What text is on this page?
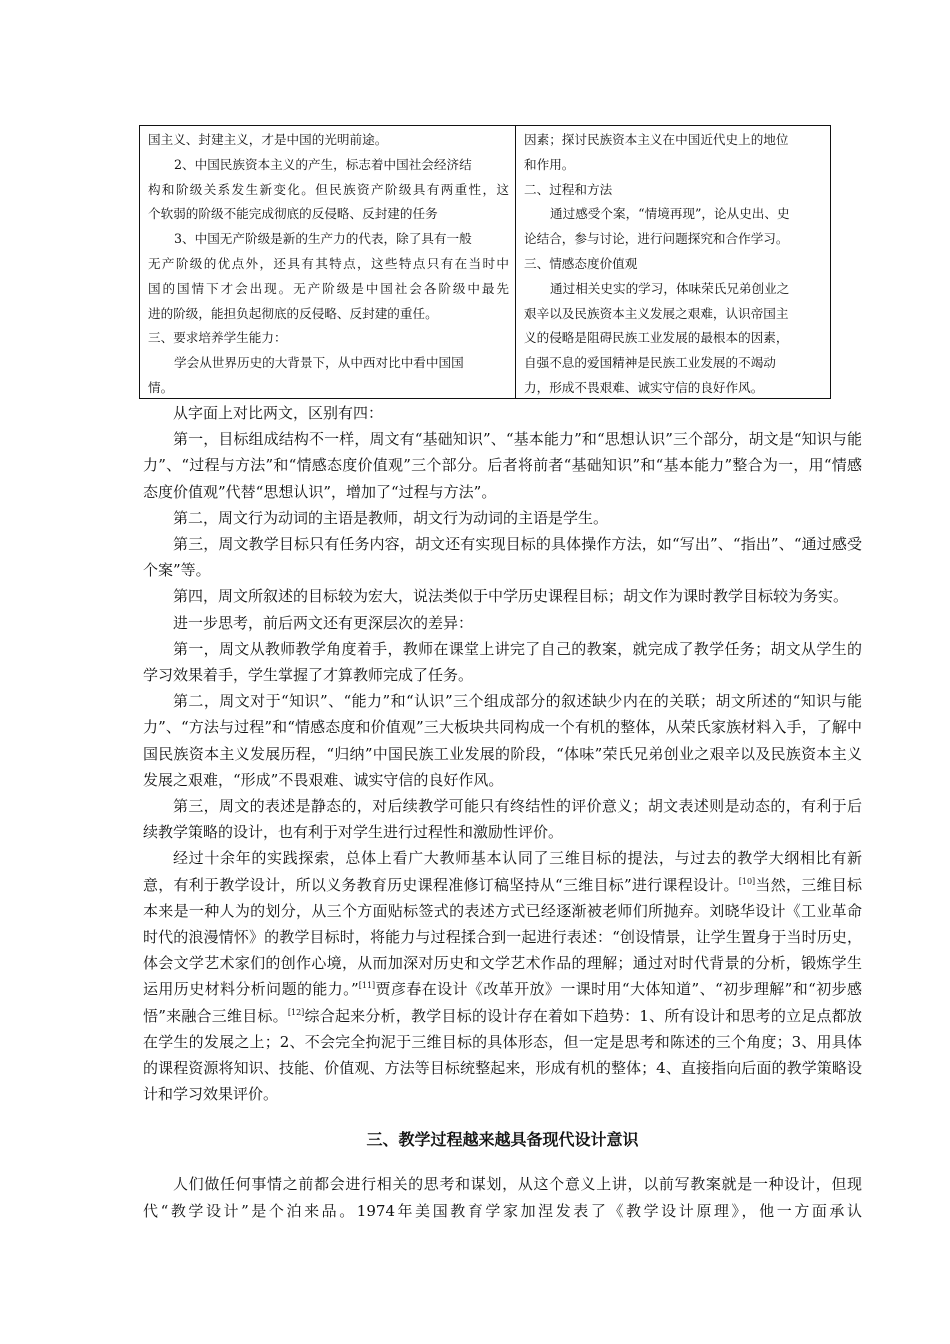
国主义、封建主义，才是中国的光明前途。
2、中国民族资本主义的产生，标志着中国社会经济结
构和阶级关系发生新变化。但民族资产阶级具有两重性，这
个软弱的阶级不能完成彻底的反侵略、反封建的任务
3、中国无产阶级是新的生产力的代表，除了具有一般
无产阶级的优点外，还具有其特点，这些特点只有在当时中
国的国情下才会出现。无产阶级是中国社会各阶级中最先
进的阶级，能担负起彻底的反侵略、反封建的重任。
三、要求培养学生能力：
学会从世界历史的大背景下，从中西对比中看中国国
情。
因素；探讨民族资本主义在中国近代史上的地位
和作用。
二、过程和方法
通过感受个案，“情境再现”，论从史出、史
论结合，参与讨论，进行问题探究和合作学习。
三、情感态度价值观
通过相关史实的学习，体味荣氏兄弟创业之
艰辛以及民族资本主义发展之艰难，认识帝国主
义的侵略是阻碍民族工业发展的最根本的因素，
自强不息的爱国精神是民族工业发展的不竭动
力，形成不畏艰难、诚实守信的良好作风。

从字面上对比两文，区别有四：

第一，目标组成结构不一样，周文有“基础知识”、“基本能力”和“思想认识”三个部分，胡文是“知识与能力”、“过程与方法”和“情感态度价值观”三个部分。后者将前者“基础知识”和“基本能力”整合为一，用“情感态度价值观”代替“思想认识”，增加了“过程与方法”。

第二，周文行为动词的主语是教师，胡文行为动词的主语是学生。

第三，周文教学目标只有任务内容，胡文还有实现目标的具体操作方法，如“写出”、“指出”、“通过感受个案”等。

第四，周文所叙述的目标较为宏大，说法类似于中学历史课程目标；胡文作为课时教学目标较为务实。

进一步思考，前后两文还有更深层次的差异：

第一，周文从教师教学角度着手，教师在课堂上讲完了自己的教案，就完成了教学任务；胡文从学生的学习效果着手，学生掌握了才算教师完成了任务。

第二，周文对于“知识”、“能力”和“认识”三个组成部分的叙述缺少内在的关联；胡文所述的“知识与能力”、“方法与过程”和“情感态度和价值观”三大板块共同构成一个有机的整体，从荣氏家族材料入手，了解中国民族资本主义发展历程，“归纳”中国民族工业发展的阶段，“体味”荣氏兄弟创业之艰辛以及民族资本主义发展之艰难，“形成”不畏艰难、诚实守信的良好作风。

第三，周文的表述是静态的，对后续教学可能只有终结性的评价意义；胡文表述则是动态的，有利于后续教学策略的设计，也有利于对学生进行过程性和激励性评价。

经过十余年的实践探索，总体上看广大教师基本认同了三维目标的提法，与过去的教学大纲相比有新意，有利于教学设计，所以义务教育历史课程准修订稿坚持从“三维目标”进行课程设计。[10]当然，三维目标本来是一种人为的划分，从三个方面贴标签式的表述方式已经逐渐被老师们所抛弃。刘晓华设计《工业革命时代的浪漫情怀》的教学目标时，将能力与过程揉合到一起进行表述：“创设情景，让学生置身于当时历史，体会文学艺术家们的创作心境，从而加深对历史和文学艺术作品的理解；通过对时代背景的分析，锻炼学生运用历史材料分析问题的能力。”[11]贾彦春在设计《改革开放》一课时用“大体知道”、“初步理解”和“初步感悟”来融合三维目标。[12]综合起来分析，教学目标的设计存在着如下趋势：1、所有设计和思考的立足点都放在学生的发展之上；2、不会完全拘泥于三维目标的具体形态，但一定是思考和陈述的三个角度；3、用具体的课程资源将知识、技能、价值观、方法等目标统整起来，形成有机的整体；4、直接指向后面的教学策略设计和学习效果评价。

三、教学过程越来越具备现代设计意识

人们做任何事情之前都会进行相关的思考和谋划，从这个意义上讲，以前写教案就是一种设计，但现代“教学设计”是个泊来品。1974年美国教育学家加涅发表了《教学设计原理》，他一方面承认
